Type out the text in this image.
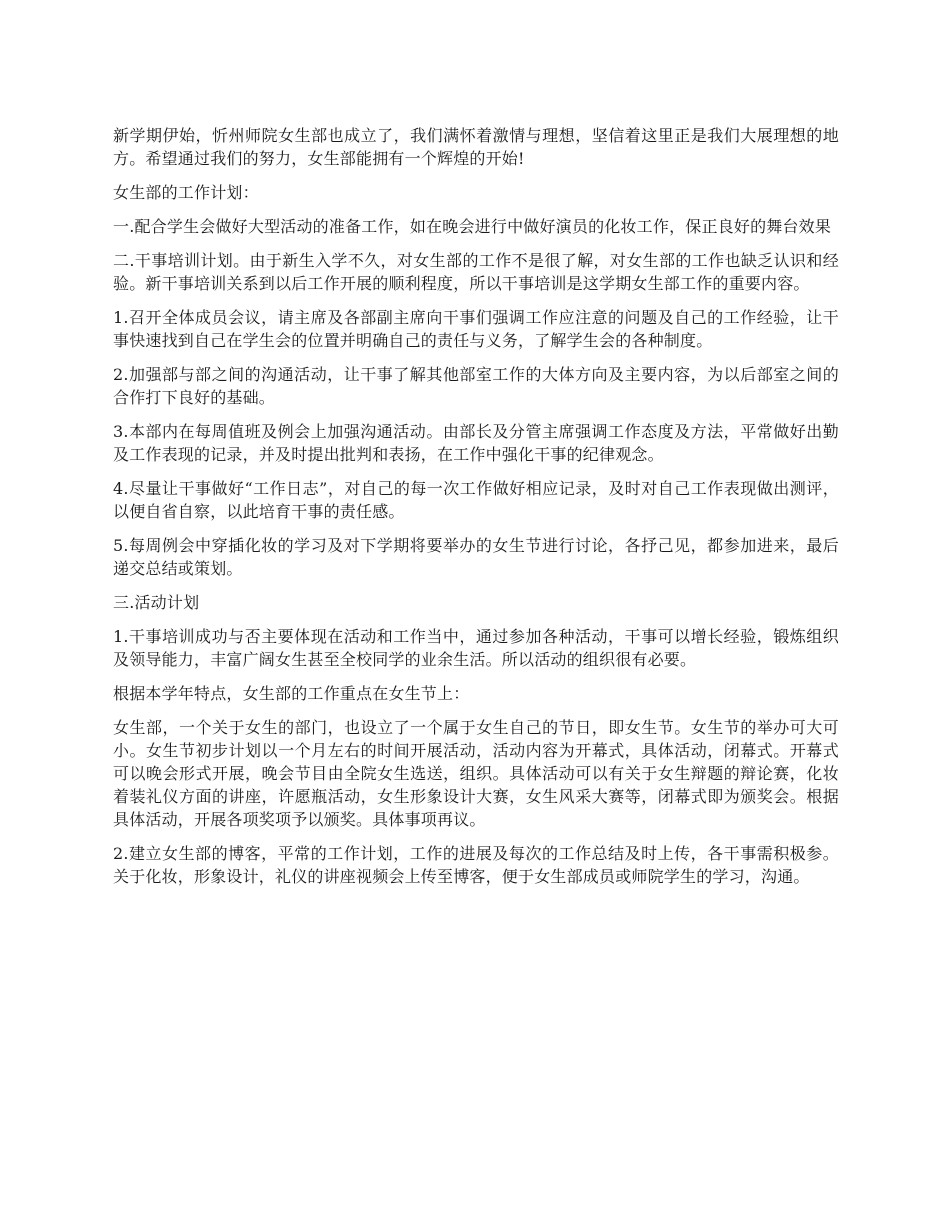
新学期伊始，忻州师院女生部也成立了，我们满怀着激情与理想，坚信着这里正是我们大展理想的地方。希望通过我们的努力，女生部能拥有一个辉煌的开始!

女生部的工作计划：

一.配合学生会做好大型活动的准备工作，如在晚会进行中做好演员的化妆工作，保正良好的舞台效果

二.干事培训计划。由于新生入学不久，对女生部的工作不是很了解，对女生部的工作也缺乏认识和经验。新干事培训关系到以后工作开展的顺利程度，所以干事培训是这学期女生部工作的重要内容。

1.召开全体成员会议，请主席及各部副主席向干事们强调工作应注意的问题及自己的工作经验，让干事快速找到自己在学生会的位置并明确自己的责任与义务，了解学生会的各种制度。

2.加强部与部之间的沟通活动，让干事了解其他部室工作的大体方向及主要内容，为以后部室之间的合作打下良好的基础。

3.本部内在每周值班及例会上加强沟通活动。由部长及分管主席强调工作态度及方法，平常做好出勤及工作表现的记录，并及时提出批判和表扬，在工作中强化干事的纪律观念。

4.尽量让干事做好“工作日志”，对自己的每一次工作做好相应记录，及时对自己工作表现做出测评，以便自省自察，以此培育干事的责任感。

5.每周例会中穿插化妆的学习及对下学期将要举办的女生节进行讨论，各抒己见，都参加进来，最后递交总结或策划。

三.活动计划

1.干事培训成功与否主要体现在活动和工作当中，通过参加各种活动，干事可以增长经验，锻炼组织及领导能力，丰富广阔女生甚至全校同学的业余生活。所以活动的组织很有必要。

根据本学年特点，女生部的工作重点在女生节上：

女生部，一个关于女生的部门，也设立了一个属于女生自己的节日，即女生节。女生节的举办可大可小。女生节初步计划以一个月左右的时间开展活动，活动内容为开幕式，具体活动，闭幕式。开幕式可以晚会形式开展，晚会节目由全院女生选送，组织。具体活动可以有关于女生辩题的辩论赛，化妆着装礼仪方面的讲座，许愿瓶活动，女生形象设计大赛，女生风采大赛等，闭幕式即为颁奖会。根据具体活动，开展各项奖项予以颁奖。具体事项再议。

2.建立女生部的博客，平常的工作计划，工作的进展及每次的工作总结及时上传，各干事需积极参。关于化妆，形象设计，礼仪的讲座视频会上传至博客，便于女生部成员或师院学生的学习，沟通。
